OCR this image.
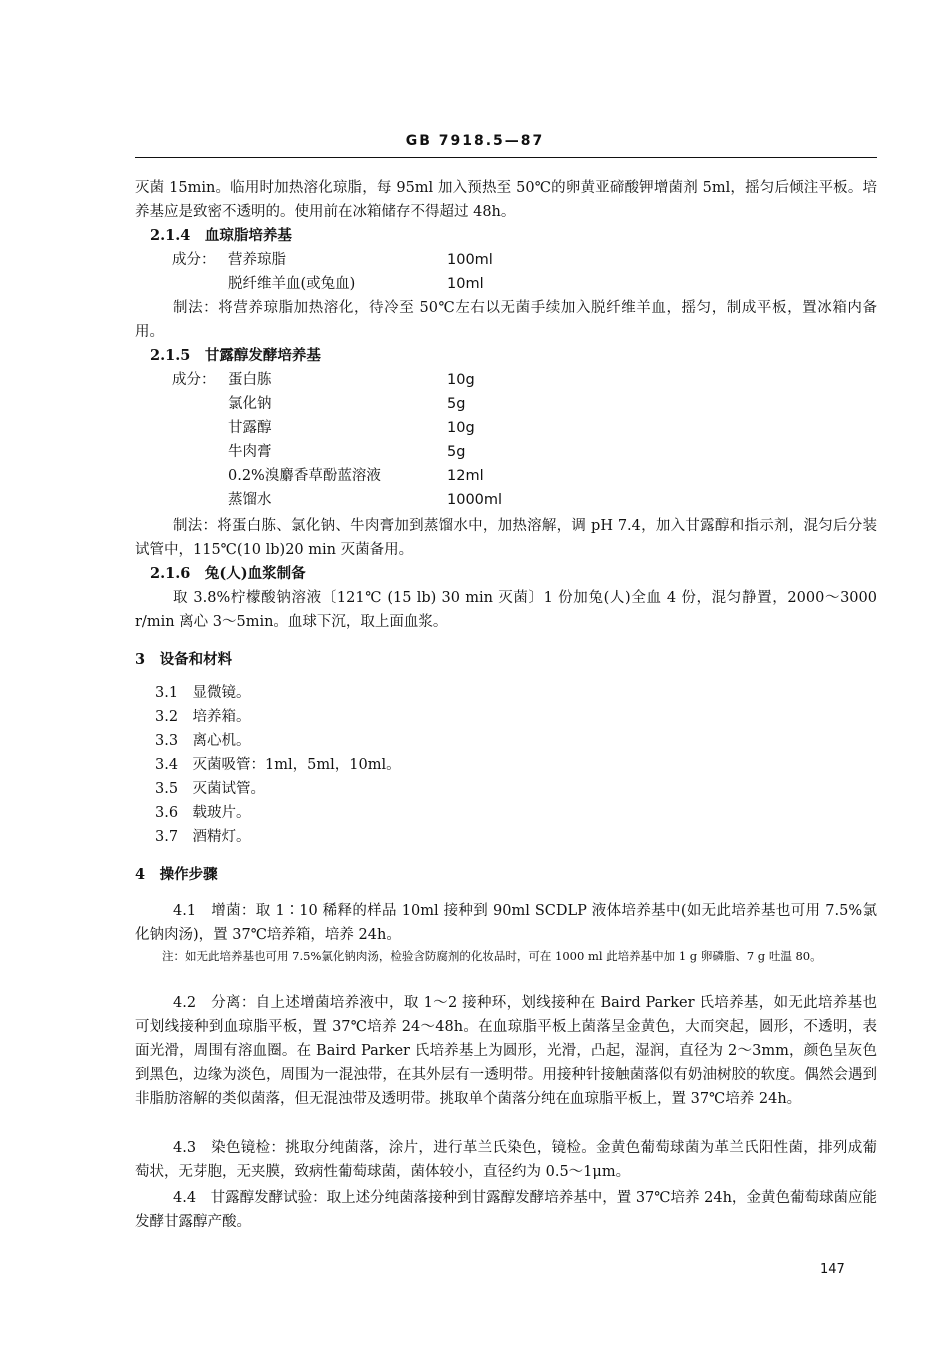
GB 7918.5—87
灭菌 15min。临用时加热溶化琼脂，每 95ml 加入预热至 50℃的卵黄亚碲酸钾增菌剂 5ml，摇匀后倾注平板。培养基应是致密不透明的。使用前在冰箱储存不得超过 48h。
2.1.4　血琼脂培养基
成分： 营养琼脂	100ml
脱纤维羊血(或兔血)	10ml
制法：将营养琼脂加热溶化，待冷至 50℃左右以无菌手续加入脱纤维羊血，摇匀，制成平板，置冰箱内备用。
2.1.5　甘露醇发酵培养基
成分： 蛋白胨	10g
氯化钠	5g
甘露醇	10g
牛肉膏	5g
0.2%溴麝香草酚蓝溶液	12ml
蒸馏水	1000ml
制法：将蛋白胨、氯化钠、牛肉膏加到蒸馏水中，加热溶解，调 pH 7.4，加入甘露醇和指示剂，混匀后分装试管中，115℃(10 lb)20 min 灭菌备用。
2.1.6　兔(人)血浆制备
取 3.8%柠檬酸钠溶液〔121℃ (15 lb) 30 min 灭菌〕1 份加兔(人)全血 4 份，混匀静置，2000～3000 r/min 离心 3～5min。血球下沉，取上面血浆。
3　设备和材料
3.1　显微镜。
3.2　培养箱。
3.3　离心机。
3.4　灭菌吸管：1ml，5ml，10ml。
3.5　灭菌试管。
3.6　载玻片。
3.7　酒精灯。
4　操作步骤
4.1　增菌：取 1∶10 稀释的样品 10ml 接种到 90ml SCDLP 液体培养基中(如无此培养基也可用 7.5%氯化钠肉汤)，置 37℃培养箱，培养 24h。
注：如无此培养基也可用 7.5%氯化钠肉汤，检验含防腐剂的化妆品时，可在 1000 ml 此培养基中加 1 g 卵磷脂、7 g 吐温 80。
4.2　分离：自上述增菌培养液中，取 1～2 接种环，划线接种在 Baird Parker 氏培养基，如无此培养基也可划线接种到血琼脂平板，置 37℃培养 24～48h。在血琼脂平板上菌落呈金黄色，大而突起，圆形，不透明，表面光滑，周围有溶血圈。在 Baird Parker 氏培养基上为圆形，光滑，凸起，湿润，直径为 2～3mm，颜色呈灰色到黑色，边缘为淡色，周围为一混浊带，在其外层有一透明带。用接种针接触菌落似有奶油树胶的软度。偶然会遇到非脂肪溶解的类似菌落，但无混浊带及透明带。挑取单个菌落分纯在血琼脂平板上，置 37℃培养 24h。
4.3　染色镜检：挑取分纯菌落，涂片，进行革兰氏染色，镜检。金黄色葡萄球菌为革兰氏阳性菌，排列成葡萄状，无芽胞，无夹膜，致病性葡萄球菌，菌体较小，直径约为 0.5～1μm。
4.4　甘露醇发酵试验：取上述分纯菌落接种到甘露醇发酵培养基中，置 37℃培养 24h，金黄色葡萄球菌应能发酵甘露醇产酸。
147
